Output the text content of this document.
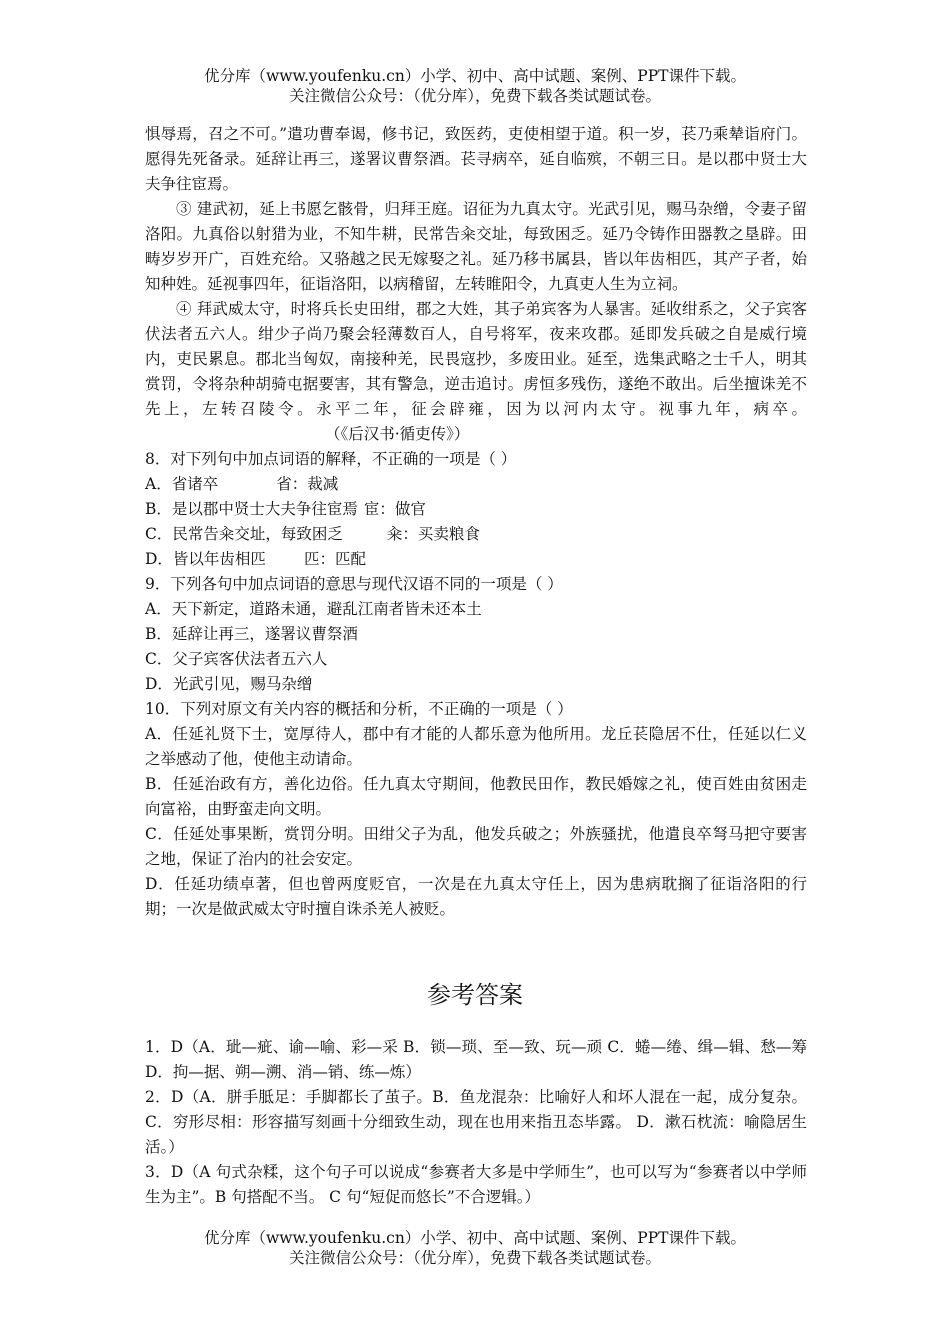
优分库（www.youfenku.cn）小学、初中、高中试题、案例、PPT课件下载。
关注微信公众号：（优分库），免费下载各类试题试卷。

惧辱焉，召之不可。”遣功曹奉谒，修书记，致医药，吏使相望于道。积一岁，苌乃乘辇诣府门。愿得先死备录。延辞让再三，遂署议曹祭酒。苌寻病卒，延自临殡，不朝三日。是以郡中贤士大夫争往宦焉。

③ 建武初，延上书愿乞骸骨，归拜王庭。诏征为九真太守。光武引见，赐马杂缯，令妻子留洛阳。九真俗以射猎为业，不知牛耕，民常告籴交址，每致困乏。延乃令铸作田器教之垦辟。田畴岁岁开广，百姓充给。又骆越之民无嫁娶之礼。延乃移书属县，皆以年齿相匹，其产子者，始知种姓。延视事四年，征诣洛阳，以病稽留，左转睢阳令，九真吏人生为立祠。

④ 拜武威太守，时将兵长史田绀，郡之大姓，其子弟宾客为人暴害。延收绀系之，父子宾客伏法者五六人。绀少子尚乃聚会轻薄数百人，自号将军，夜来攻郡。延即发兵破之自是威行境内，吏民累息。郡北当匈奴，南接种羌，民畏寇抄，多废田业。延至，选集武略之士千人，明其赏罚，令将杂种胡骑屯据要害，其有警急，逆击追讨。虏恒多残伤，遂绝不敢出。后坐擅诛羌不先上，左转召陵令。永平二年，征会辟雍，因为以河内太守。视事九年，病卒。（《后汉书·循吏传》）

8．对下列句中加点词语的解释，不正确的一项是（ ）

A．省诸卒	省：裁减

B．是以郡中贤士大夫争往宦焉 宦：做官

C．民常告籴交址，每致困乏	籴：买卖粮食

D．皆以年齿相匹 匹：匹配

9．下列各句中加点词语的意思与现代汉语不同的一项是（ ）

A．天下新定，道路未通，避乱江南者皆未还本土

B．延辞让再三，遂署议曹祭酒

C．父子宾客伏法者五六人

D．光武引见，赐马杂缯

10．下列对原文有关内容的概括和分析，不正确的一项是（ ）

A．任延礼贤下士，宽厚待人，郡中有才能的人都乐意为他所用。龙丘苌隐居不仕，任延以仁义之举感动了他，使他主动请命。

B．任延治政有方，善化边俗。任九真太守期间，他教民田作，教民婚嫁之礼，使百姓由贫困走向富裕，由野蛮走向文明。

C．任延处事果断，赏罚分明。田绀父子为乱，他发兵破之；外族骚扰，他遣良卒弩马把守要害之地，保证了治内的社会安定。

D．任延功绩卓著，但也曾两度贬官，一次是在九真太守任上，因为患病耽搁了征诣洛阳的行期；一次是做武威太守时擅自诛杀羌人被贬。

参考答案

1．D（A．玼—疵、谕—喻、彩—采 B．锁—琐、至—致、玩—顽 C．蜷—绻、缉—辑、愁—筹 D．拘—据、朔—溯、消—销、练—炼）

2．D（A．胼手胝足：手脚都长了茧子。B．鱼龙混杂：比喻好人和坏人混在一起，成分复杂。C．穷形尽相：形容描写刻画十分细致生动，现在也用来指丑态毕露。 D．漱石枕流：喻隐居生活。）

3．D（A 句式杂糅，这个句子可以说成“参赛者大多是中学师生”，也可以写为“参赛者以中学师生为主”。B 句搭配不当。 C 句“短促而悠长”不合逻辑。）

优分库（www.youfenku.cn）小学、初中、高中试题、案例、PPT课件下载。
关注微信公众号：（优分库），免费下载各类试题试卷。
